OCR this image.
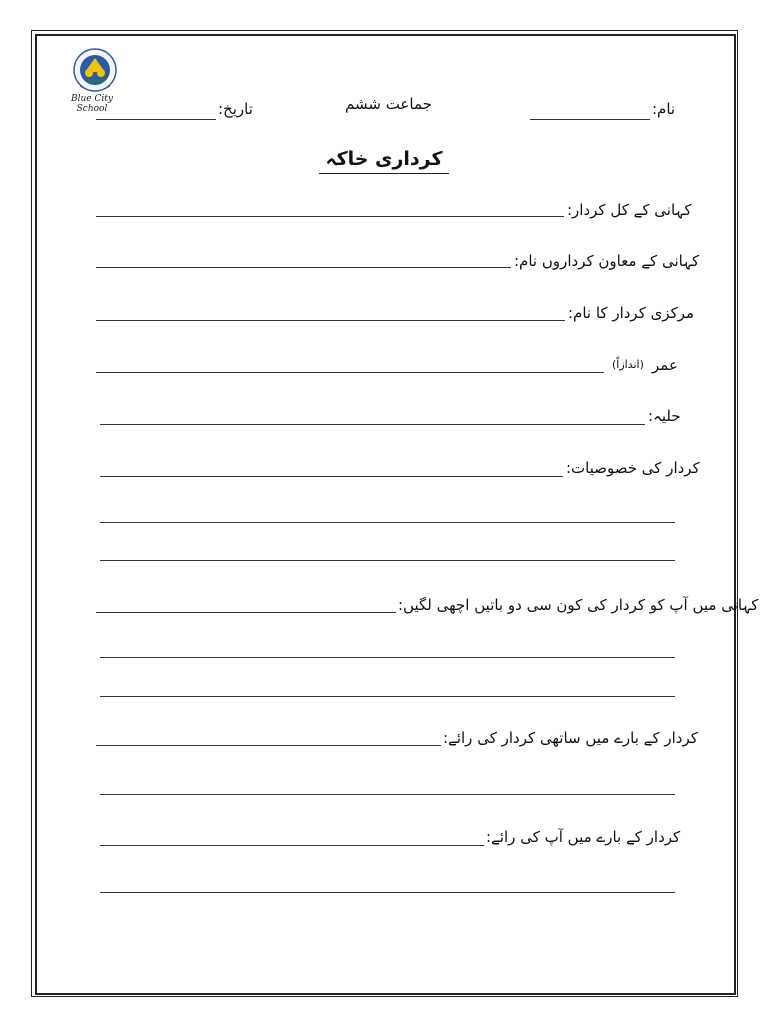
Blue City School	نام:
جماعت ششم
تاریخ:
کرداری خاکہ
کہانی کے کل کردار:
کہانی کے معاون کرداروں نام:
مرکزی کردار کا نام:
عمر
(اندازاً)
حلیہ:
کردار کی خصوصیات:
کہانی میں آپ کو کردار کی کون سی دو باتیں اچھی لگیں:
کردار کے بارے میں ساتھی کردار کی رائے:
کردار کے بارے میں آپ کی رائے:
